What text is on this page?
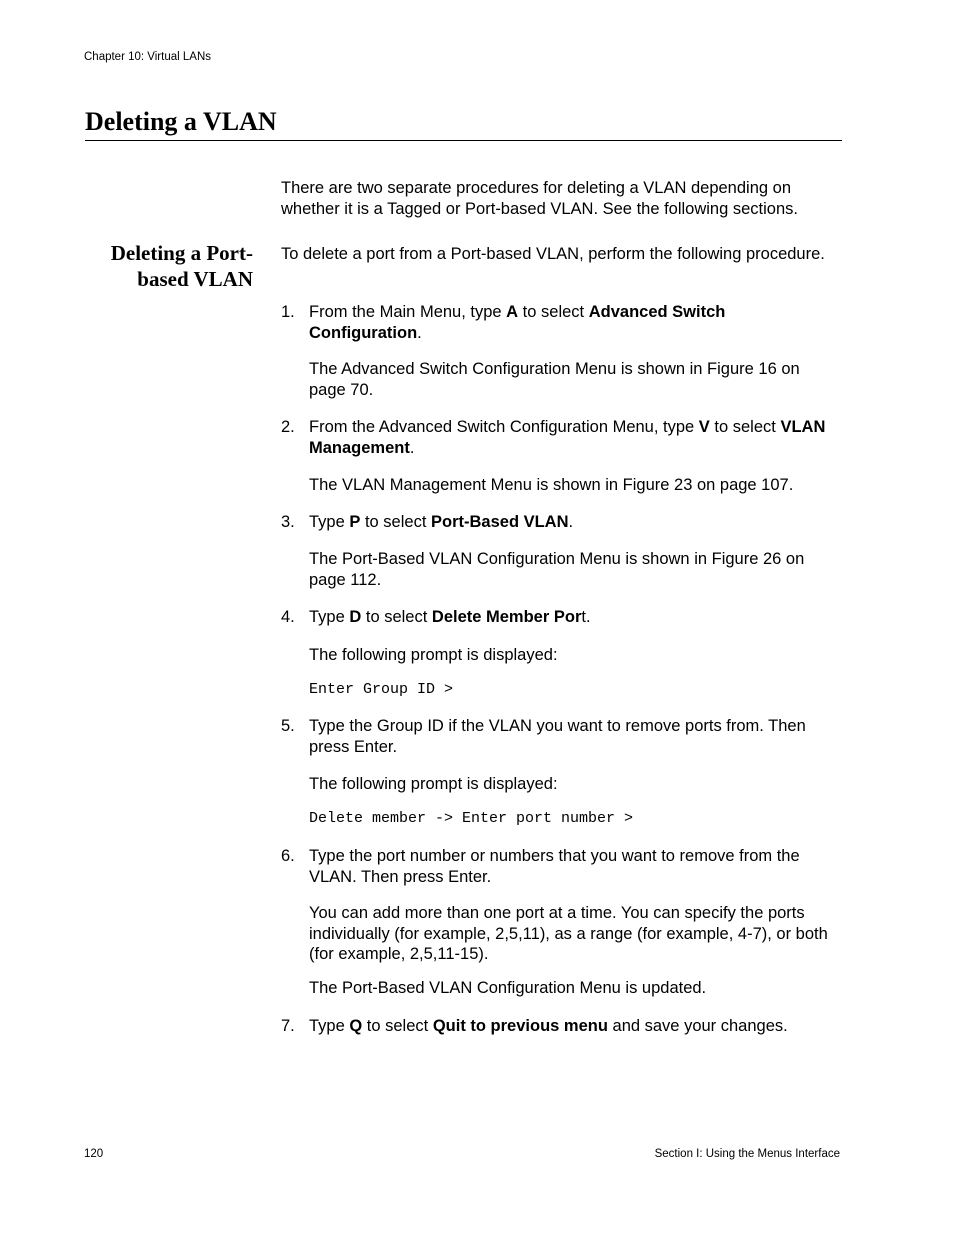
Chapter 10: Virtual LANs
Deleting a VLAN

There are two separate procedures for deleting a VLAN depending on whether it is a Tagged or Port-based VLAN. See the following sections.

Deleting a Port-based VLAN

To delete a port from a Port-based VLAN, perform the following procedure.

1. From the Main Menu, type A to select Advanced Switch Configuration.

The Advanced Switch Configuration Menu is shown in Figure 16 on page 70.

2. From the Advanced Switch Configuration Menu, type V to select VLAN Management.

The VLAN Management Menu is shown in Figure 23 on page 107.

3. Type P to select Port-Based VLAN.

The Port-Based VLAN Configuration Menu is shown in Figure 26 on page 112.

4. Type D to select Delete Member Port.

The following prompt is displayed:

Enter Group ID >
5. Type the Group ID if the VLAN you want to remove ports from. Then press Enter.

The following prompt is displayed:

Delete member -> Enter port number >
6. Type the port number or numbers that you want to remove from the VLAN. Then press Enter.

You can add more than one port at a time. You can specify the ports individually (for example, 2,5,11), as a range (for example, 4-7), or both (for example, 2,5,11-15).

The Port-Based VLAN Configuration Menu is updated.

7. Type Q to select Quit to previous menu and save your changes.

120	Section I: Using the Menus Interface
